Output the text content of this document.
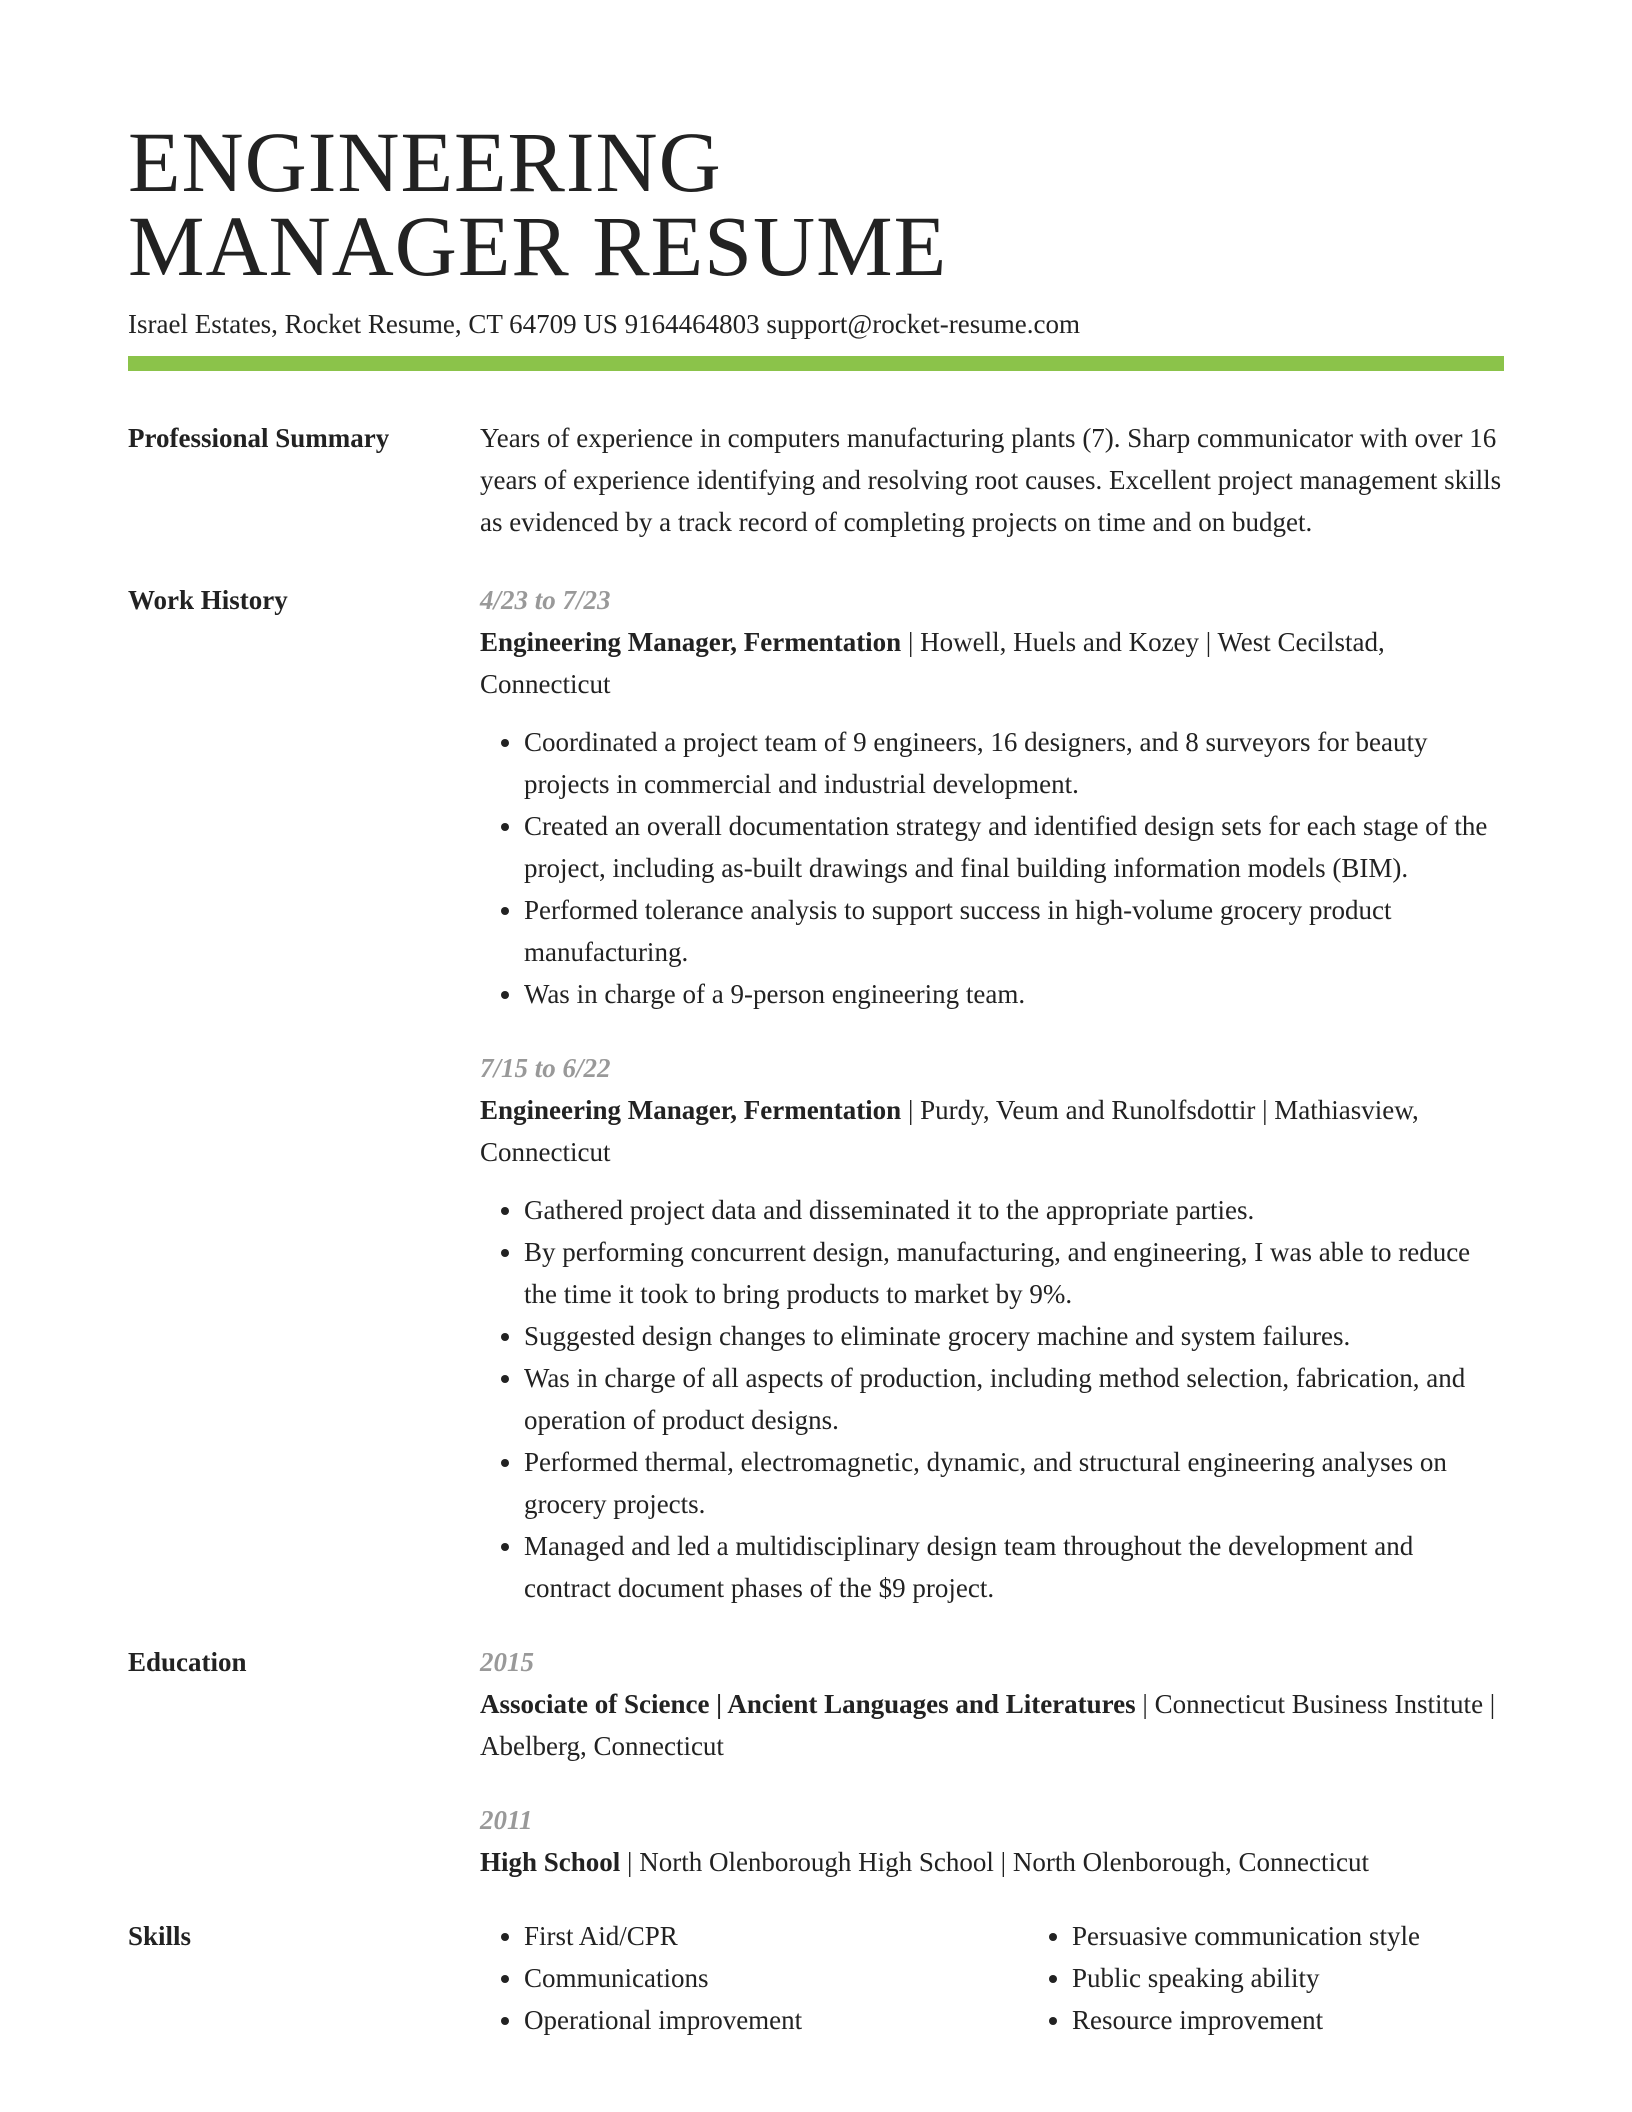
ENGINEERING
MANAGER RESUME
Israel Estates, Rocket Resume, CT 64709 US 9164464803 support@rocket-resume.com
Professional Summary	Years of experience in computers manufacturing plants (7). Sharp communicator with over 16 years of experience identifying and resolving root causes. Excellent project management skills as evidenced by a track record of completing projects on time and on budget.
Work History	4/23 to 7/23
Engineering Manager, Fermentation | Howell, Huels and Kozey | West Cecilstad, Connecticut
• Coordinated a project team of 9 engineers, 16 designers, and 8 surveyors for beauty projects in commercial and industrial development.
• Created an overall documentation strategy and identified design sets for each stage of the project, including as-built drawings and final building information models (BIM).
• Performed tolerance analysis to support success in high-volume grocery product manufacturing.
• Was in charge of a 9-person engineering team.
7/15 to 6/22
Engineering Manager, Fermentation | Purdy, Veum and Runolfsdottir | Mathiasview, Connecticut
• Gathered project data and disseminated it to the appropriate parties.
• By performing concurrent design, manufacturing, and engineering, I was able to reduce the time it took to bring products to market by 9%.
• Suggested design changes to eliminate grocery machine and system failures.
• Was in charge of all aspects of production, including method selection, fabrication, and operation of product designs.
• Performed thermal, electromagnetic, dynamic, and structural engineering analyses on grocery projects.
• Managed and led a multidisciplinary design team throughout the development and contract document phases of the $9 project.
Education	2015
Associate of Science | Ancient Languages and Literatures | Connecticut Business Institute | Abelberg, Connecticut
2011
High School | North Olenborough High School | North Olenborough, Connecticut
Skills
•	First Aid/CPR
• Communications
• Operational improvement
• Persuasive communication style
• Public speaking ability
• Resource improvement
